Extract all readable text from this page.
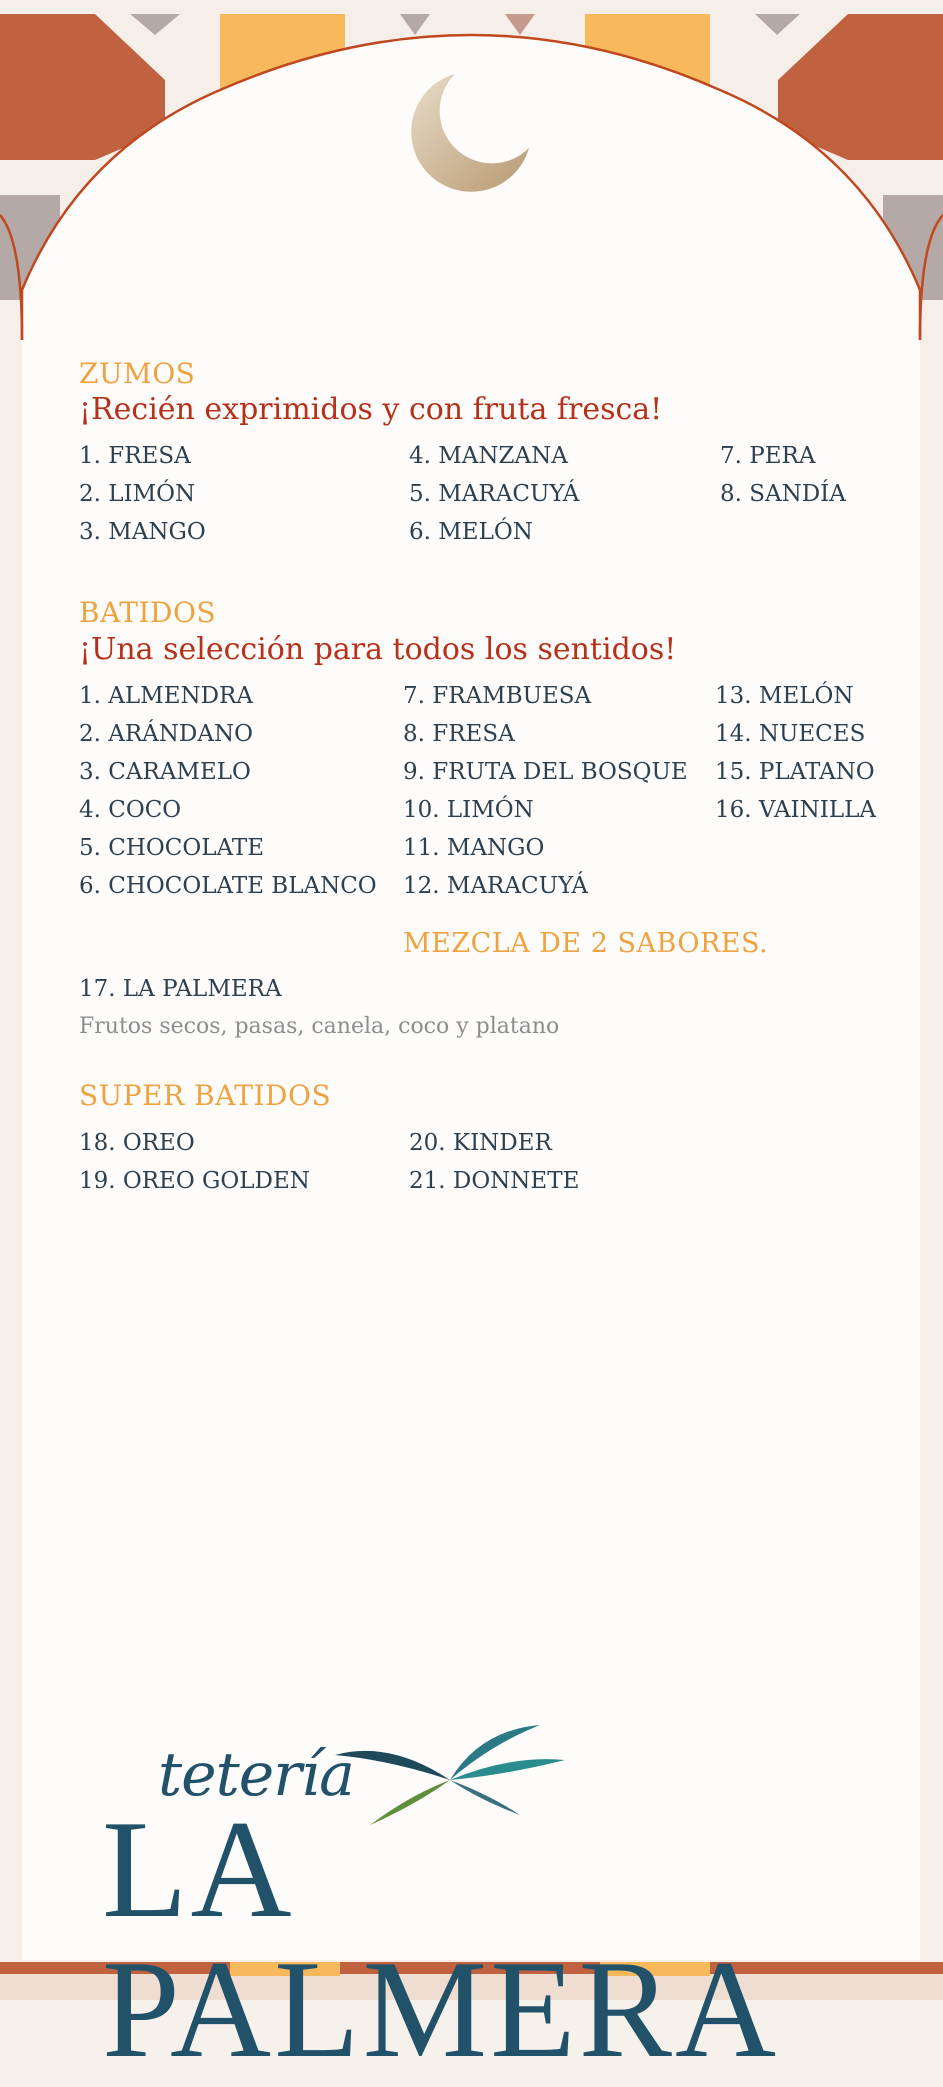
ZUMOS
¡Recién exprimidos y con fruta fresca!
1. FRESA
2. LIMÓN
3. MANGO
4. MANZANA
5. MARACUYÁ
6. MELÓN
7. PERA
8. SANDÍA
BATIDOS
¡Una selección para todos los sentidos!
1. ALMENDRA
2. ARÁNDANO
3. CARAMELO
4. COCO
5. CHOCOLATE
6. CHOCOLATE BLANCO
7. FRAMBUESA
8. FRESA
9. FRUTA DEL BOSQUE
10. LIMÓN
11. MANGO
12. MARACUYÁ
13. MELÓN
14. NUECES
15. PLATANO
16. VAINILLA
MEZCLA DE 2 SABORES.
17. LA PALMERA
Frutos secos, pasas, canela, coco y platano
SUPER BATIDOS
18. OREO
19. OREO GOLDEN
20. KINDER
21. DONNETE
tetería
LA PALMERA
